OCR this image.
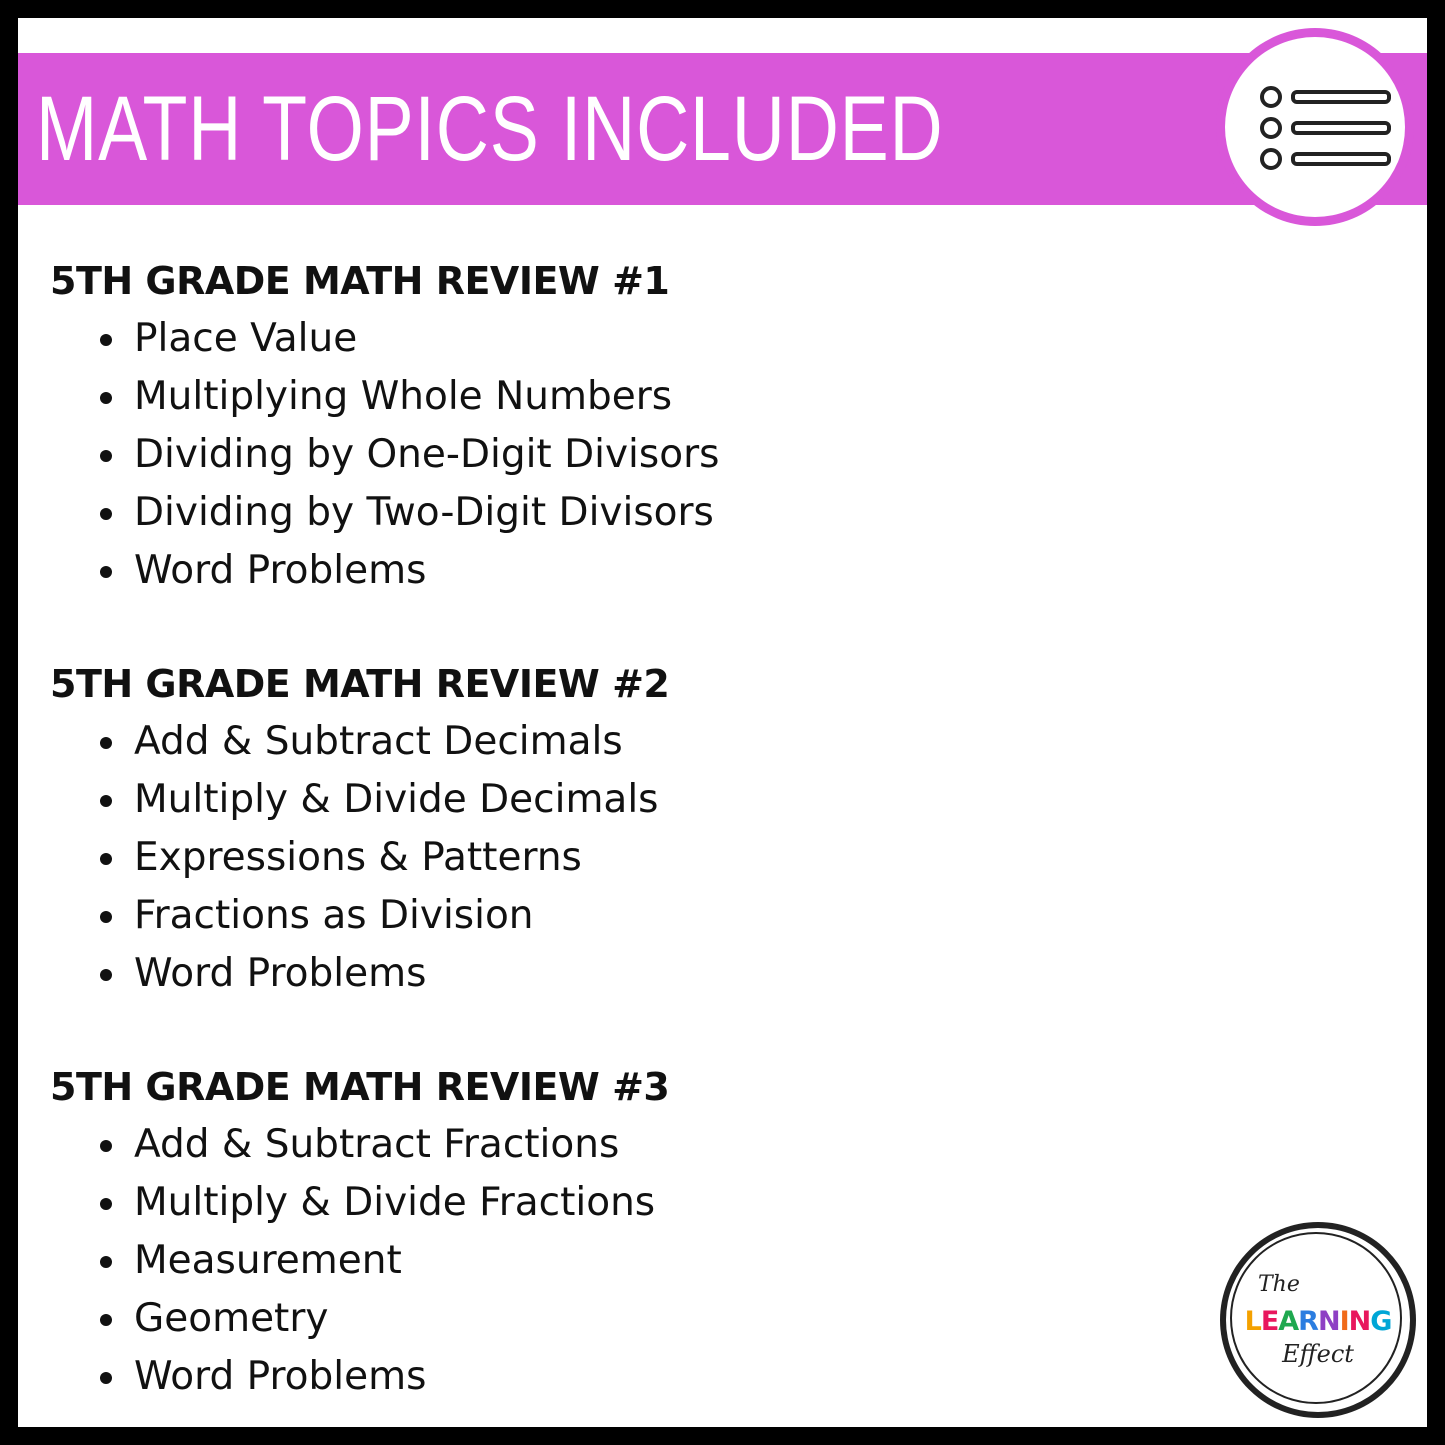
MATH TOPICS INCLUDED
5TH GRADE MATH REVIEW #1
Place Value
Multiplying Whole Numbers
Dividing by One-Digit Divisors
Dividing by Two-Digit Divisors
Word Problems
5TH GRADE MATH REVIEW #2
Add & Subtract Decimals
Multiply & Divide Decimals
Expressions & Patterns
Fractions as Division
Word Problems
5TH GRADE MATH REVIEW #3
Add & Subtract Fractions
Multiply & Divide Fractions
Measurement
Geometry
Word Problems
The
LEARNING
Effect
